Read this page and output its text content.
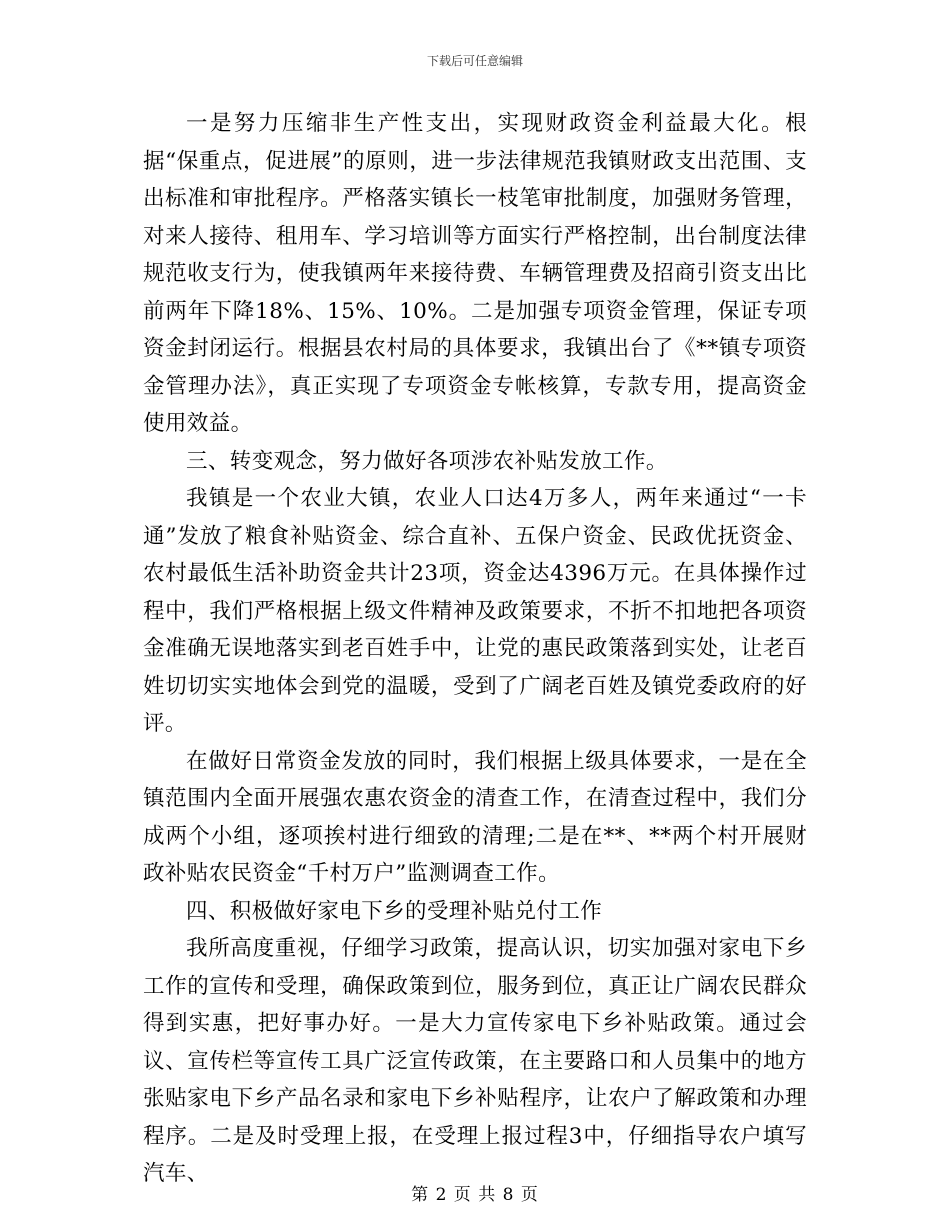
下载后可任意编辑

一是努力压缩非生产性支出，实现财政资金利益最大化。根据“保重点，促进展”的原则，进一步法律规范我镇财政支出范围、支出标准和审批程序。严格落实镇长一枝笔审批制度，加强财务管理，对来人接待、租用车、学习培训等方面实行严格控制，出台制度法律规范收支行为，使我镇两年来接待费、车辆管理费及招商引资支出比前两年下降18%、15%、10%。二是加强专项资金管理，保证专项资金封闭运行。根据县农村局的具体要求，我镇出台了《**镇专项资金管理办法》，真正实现了专项资金专帐核算，专款专用，提高资金使用效益。

三、转变观念，努力做好各项涉农补贴发放工作。

我镇是一个农业大镇，农业人口达4万多人，两年来通过“一卡通”发放了粮食补贴资金、综合直补、五保户资金、民政优抚资金、农村最低生活补助资金共计23项，资金达4396万元。在具体操作过程中，我们严格根据上级文件精神及政策要求，不折不扣地把各项资金准确无误地落实到老百姓手中，让党的惠民政策落到实处，让老百姓切切实实地体会到党的温暖，受到了广阔老百姓及镇党委政府的好评。

在做好日常资金发放的同时，我们根据上级具体要求，一是在全镇范围内全面开展强农惠农资金的清查工作，在清查过程中，我们分成两个小组，逐项挨村进行细致的清理;二是在**、**两个村开展财政补贴农民资金“千村万户”监测调查工作。

四、积极做好家电下乡的受理补贴兑付工作

我所高度重视，仔细学习政策，提高认识，切实加强对家电下乡工作的宣传和受理，确保政策到位，服务到位，真正让广阔农民群众得到实惠，把好事办好。一是大力宣传家电下乡补贴政策。通过会议、宣传栏等宣传工具广泛宣传政策，在主要路口和人员集中的地方张贴家电下乡产品名录和家电下乡补贴程序，让农户了解政策和办理程序。二是及时受理上报，在受理上报过程3中，仔细指导农户填写汽车、

第 2 页 共 8 页
